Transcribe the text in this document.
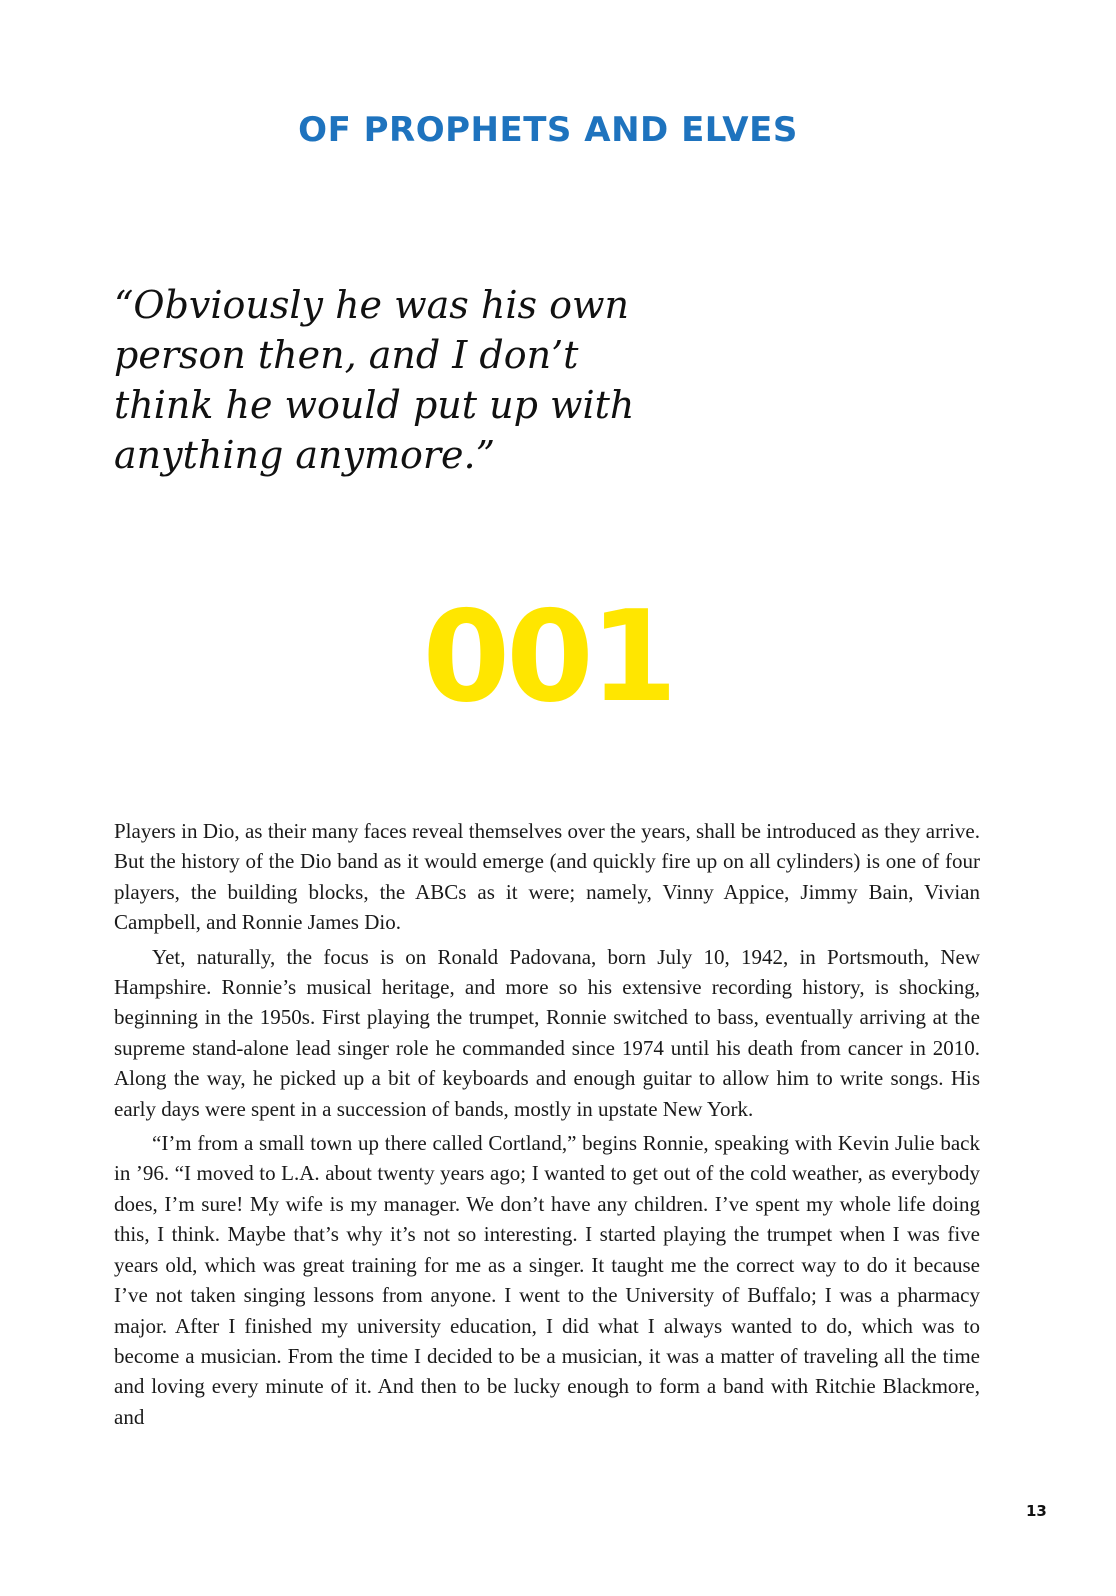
OF PROPHETS AND ELVES
“Obviously he was his own person then, and I don’t think he would put up with anything anymore.”
001

Players in Dio, as their many faces reveal themselves over the years, shall be introduced as they arrive. But the history of the Dio band as it would emerge (and quickly fire up on all cylinders) is one of four players, the building blocks, the ABCs as it were; namely, Vinny Appice, Jimmy Bain, Vivian Campbell, and Ronnie James Dio.

Yet, naturally, the focus is on Ronald Padovana, born July 10, 1942, in Portsmouth, New Hampshire. Ronnie’s musical heritage, and more so his extensive recording history, is shocking, beginning in the 1950s. First playing the trumpet, Ronnie switched to bass, eventually arriving at the supreme stand-alone lead singer role he commanded since 1974 until his death from cancer in 2010. Along the way, he picked up a bit of keyboards and enough guitar to allow him to write songs. His early days were spent in a succession of bands, mostly in upstate New York.

“I’m from a small town up there called Cortland,” begins Ronnie, speaking with Kevin Julie back in ’96. “I moved to L.A. about twenty years ago; I wanted to get out of the cold weather, as everybody does, I’m sure! My wife is my manager. We don’t have any children. I’ve spent my whole life doing this, I think. Maybe that’s why it’s not so interesting. I started playing the trumpet when I was five years old, which was great training for me as a singer. It taught me the correct way to do it because I’ve not taken singing lessons from anyone. I went to the University of Buffalo; I was a pharmacy major. After I finished my university education, I did what I always wanted to do, which was to become a musician. From the time I decided to be a musician, it was a matter of traveling all the time and loving every minute of it. And then to be lucky enough to form a band with Ritchie Blackmore, and

13
